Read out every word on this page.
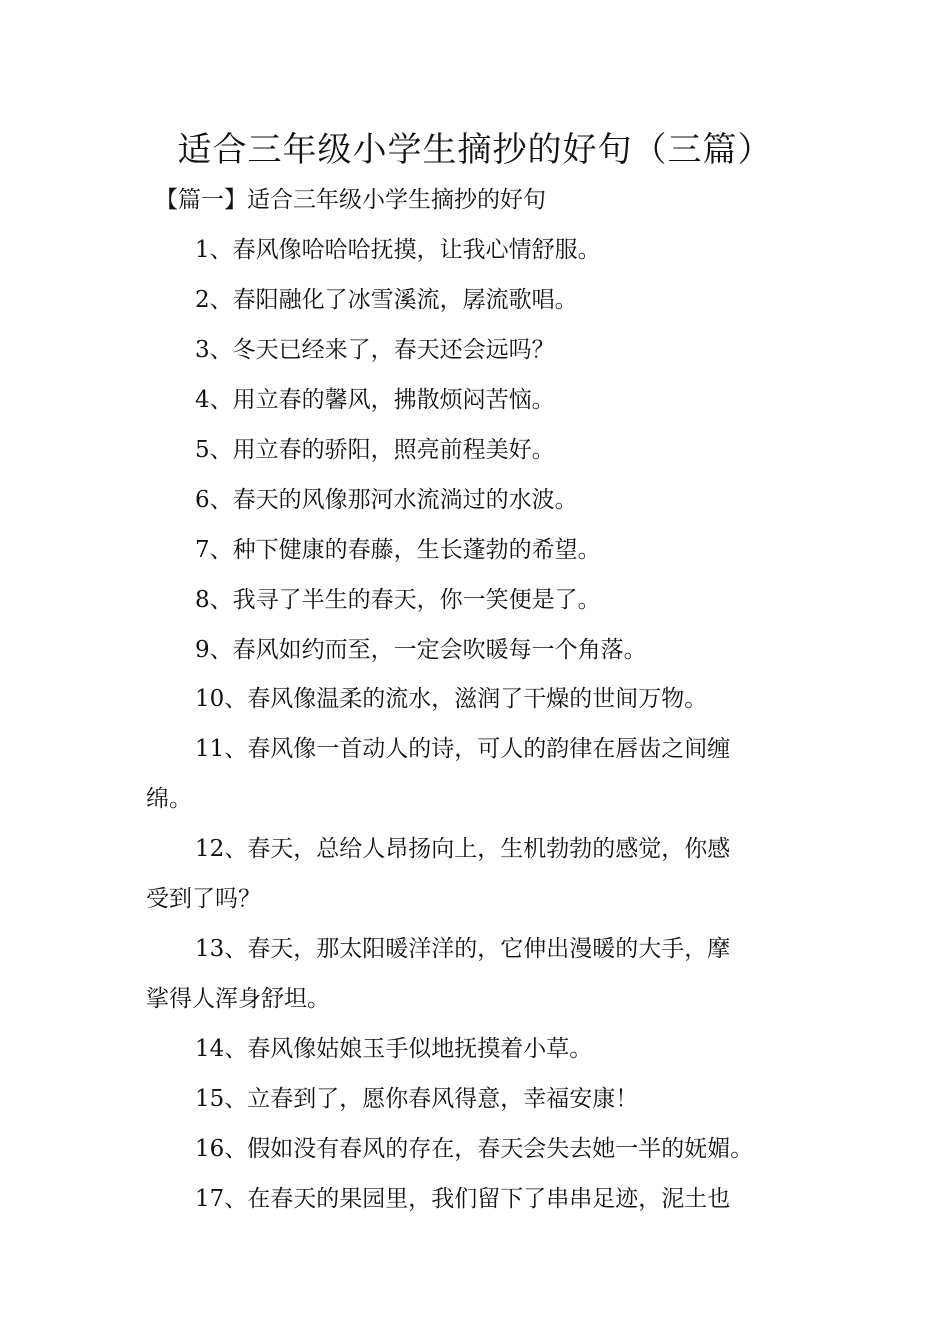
适合三年级小学生摘抄的好句（三篇）
【篇一】适合三年级小学生摘抄的好句
1、春风像哈哈哈抚摸，让我心情舒服。
2、春阳融化了冰雪溪流，孱流歌唱。
3、冬天已经来了，春天还会远吗？
4、用立春的馨风，拂散烦闷苦恼。
5、用立春的骄阳，照亮前程美好。
6、春天的风像那河水流淌过的水波。
7、种下健康的春藤，生长蓬勃的希望。
8、我寻了半生的春天，你一笑便是了。
9、春风如约而至，一定会吹暖每一个角落。
10、春风像温柔的流水，滋润了干燥的世间万物。
11、春风像一首动人的诗，可人的韵律在唇齿之间缠
绵。
12、春天，总给人昂扬向上，生机勃勃的感觉，你感
受到了吗？
13、春天，那太阳暖洋洋的，它伸出漫暖的大手，摩
挲得人浑身舒坦。
14、春风像姑娘玉手似地抚摸着小草。
15、立春到了，愿你春风得意，幸福安康！
16、假如没有春风的存在，春天会失去她一半的妩媚。
17、在春天的果园里，我们留下了串串足迹，泥土也
